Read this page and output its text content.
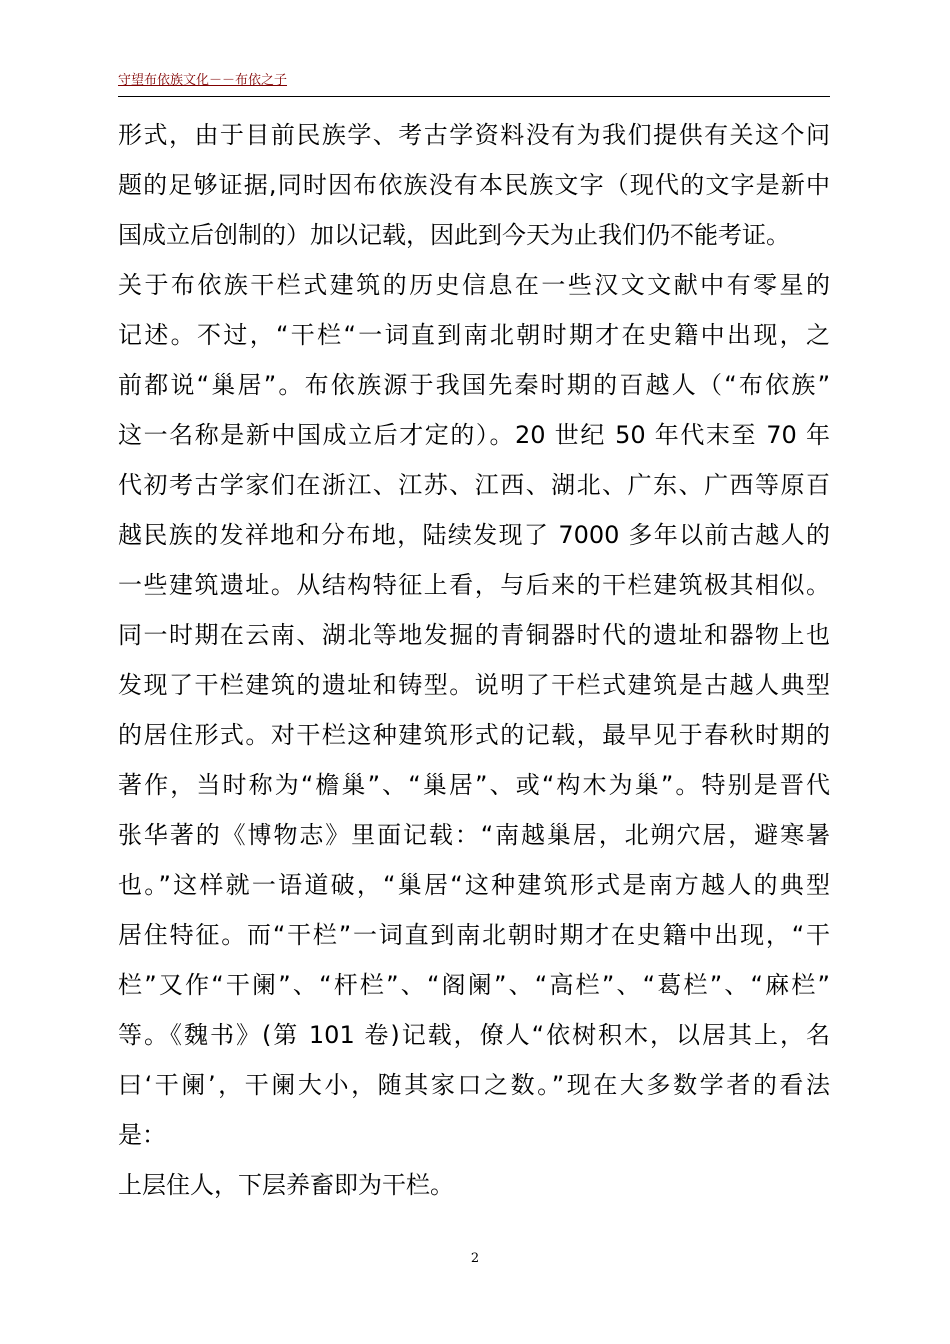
守望布依族文化－－布依之子
形式，由于目前民族学、考古学资料没有为我们提供有关这个问
题的足够证据,同时因布依族没有本民族文字（现代的文字是新中
国成立后创制的）加以记载，因此到今天为止我们仍不能考证。
关于布依族干栏式建筑的历史信息在一些汉文文献中有零星的
记述。不过，“干栏“一词直到南北朝时期才在史籍中出现，之
前都说“巢居”。布依族源于我国先秦时期的百越人（“布依族”
这一名称是新中国成立后才定的）。20 世纪 50 年代末至 70 年
代初考古学家们在浙江、江苏、江西、湖北、广东、广西等原百
越民族的发祥地和分布地，陆续发现了 7000 多年以前古越人的
一些建筑遗址。从结构特征上看，与后来的干栏建筑极其相似。
同一时期在云南、湖北等地发掘的青铜器时代的遗址和器物上也
发现了干栏建筑的遗址和铸型。说明了干栏式建筑是古越人典型
的居住形式。对干栏这种建筑形式的记载，最早见于春秋时期的
著作，当时称为“檐巢”、“巢居”、或“构木为巢”。特别是晋代
张华著的《博物志》里面记载：“南越巢居，北朔穴居，避寒暑
也。”这样就一语道破，“巢居“这种建筑形式是南方越人的典型
居住特征。而“干栏”一词直到南北朝时期才在史籍中出现，“干
栏”又作“干阑”、“杆栏”、“阁阑”、“高栏”、“葛栏”、“麻栏”
等。《魏书》(第 101 卷)记载，僚人“依树积木，以居其上，名
曰‘干阑’，干阑大小，随其家口之数。”现在大多数学者的看法
是：
上层住人，下层养畜即为干栏。
2
